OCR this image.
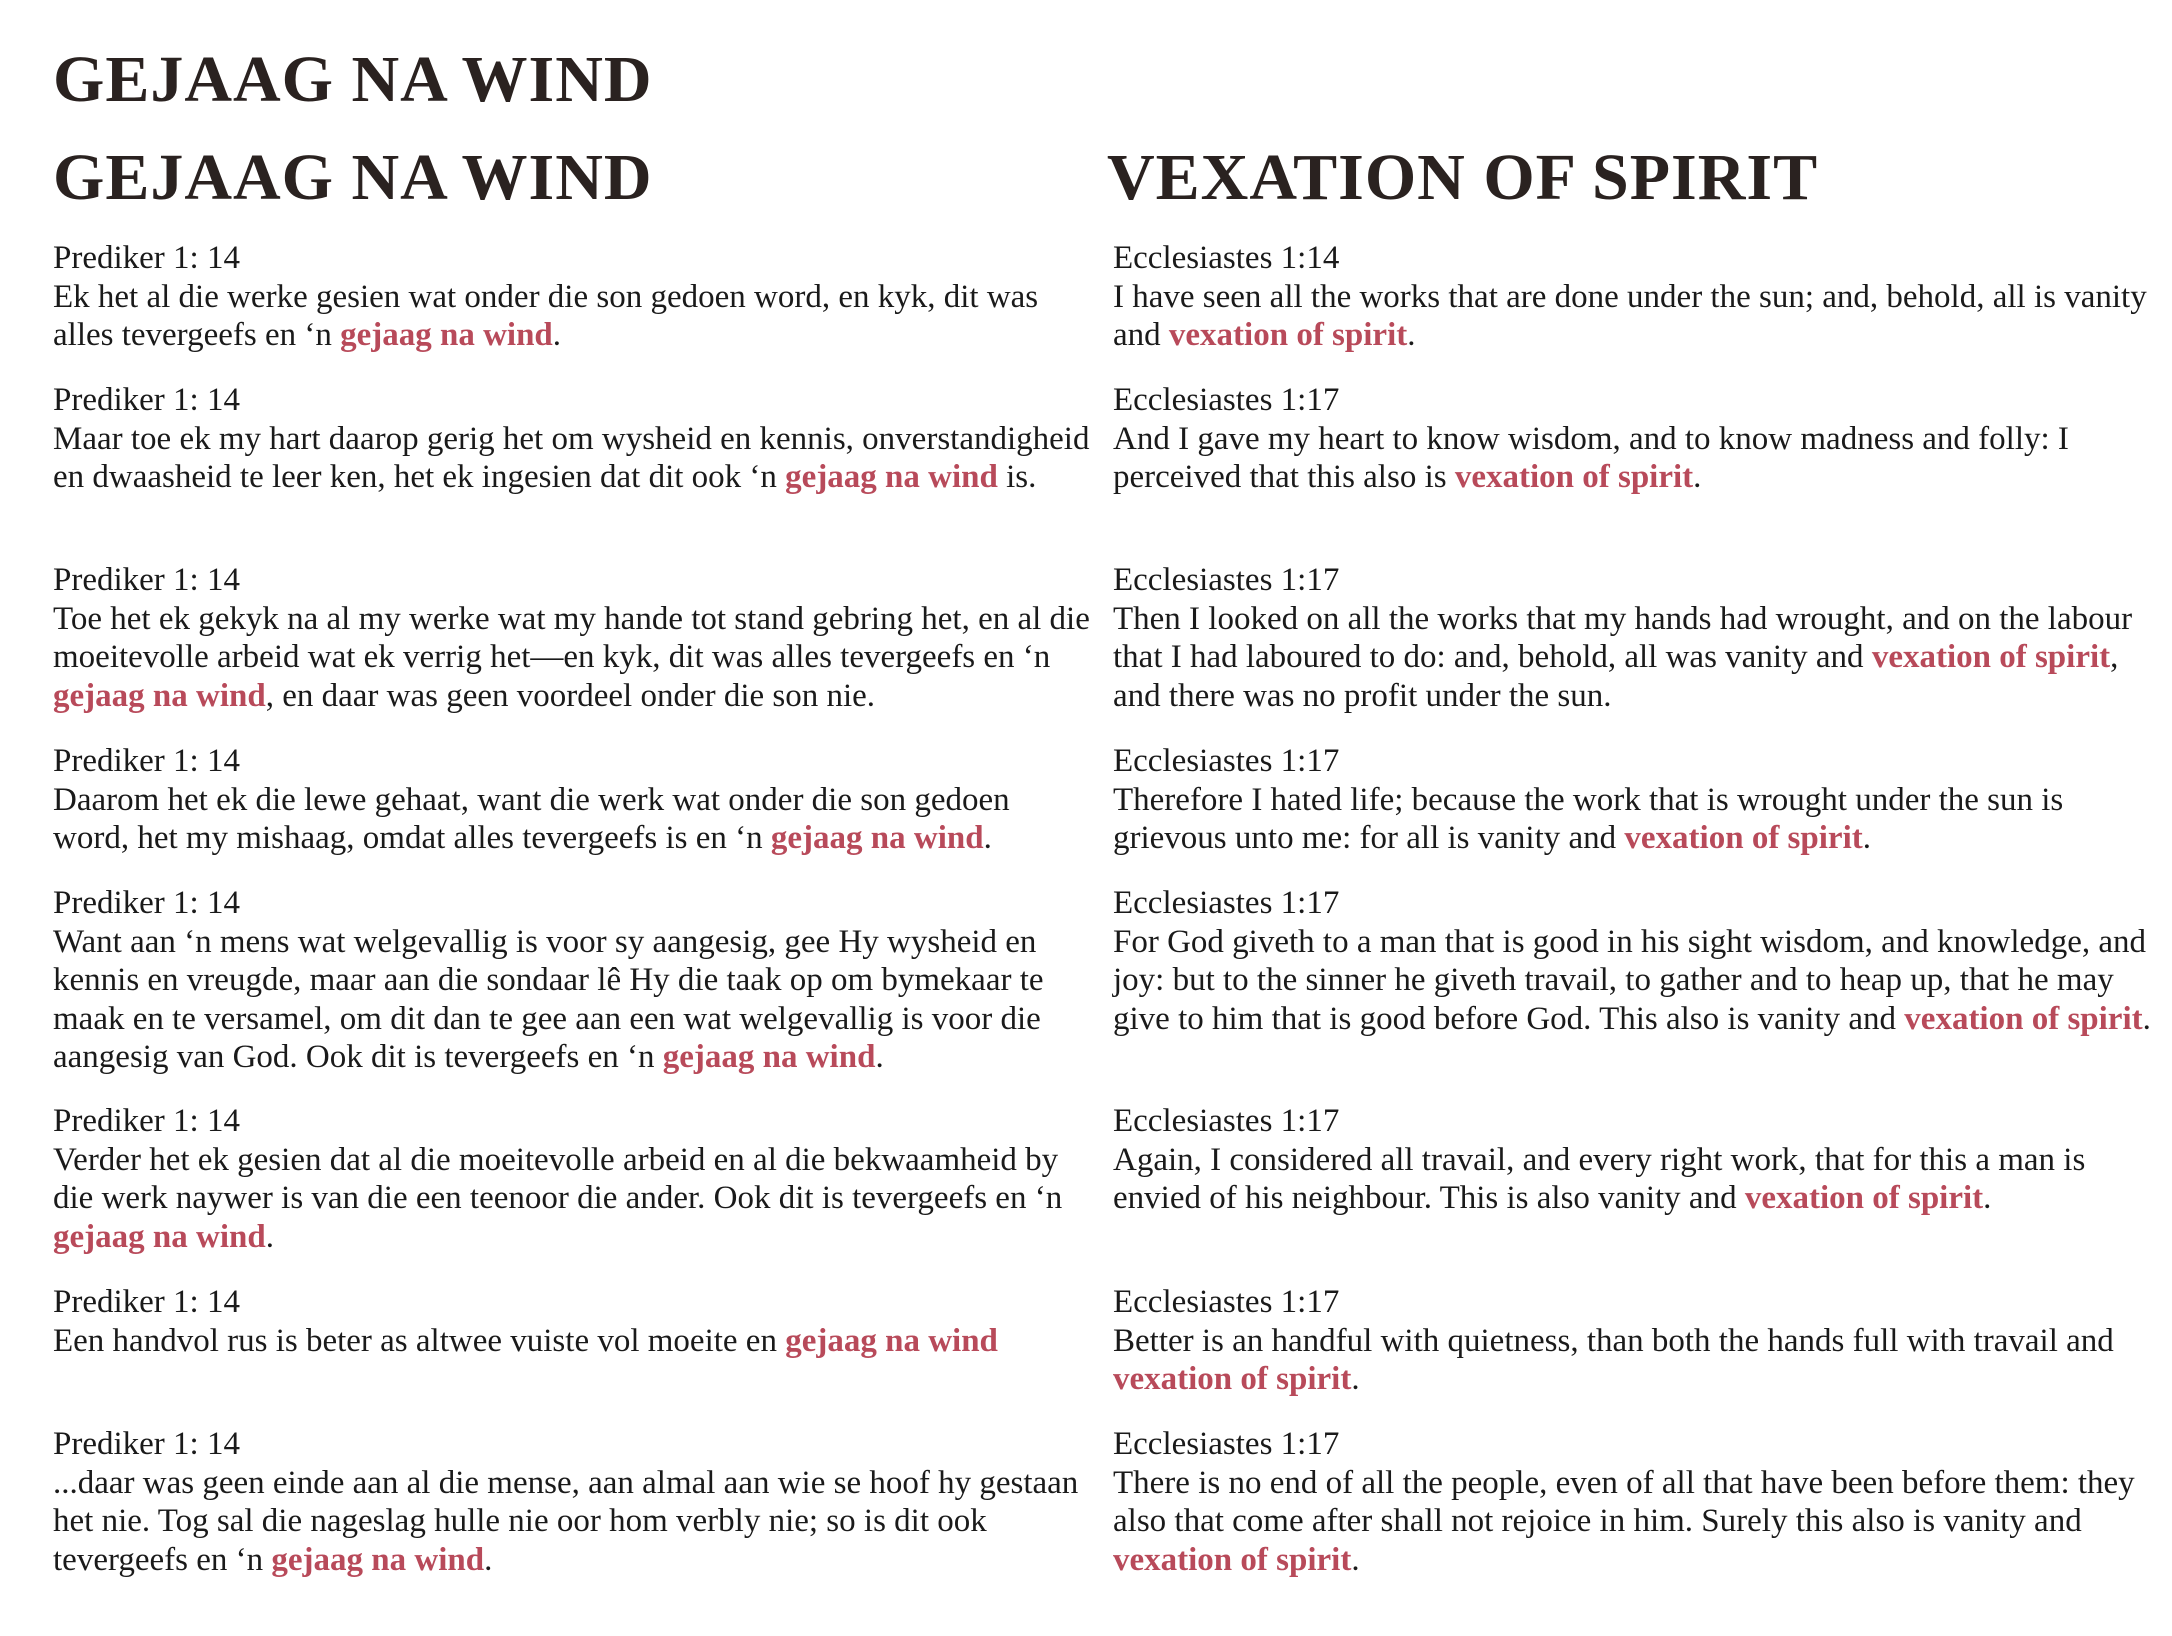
GEJAAG NA WIND
GEJAAG NA WIND	VEXATION OF SPIRIT
Prediker 1: 14
Ek het al die werke gesien wat onder die son gedoen word, en kyk, dit was alles tevergeefs en ‘n gejaag na wind.
Prediker 1: 14
Maar toe ek my hart daarop gerig het om wysheid en kennis, onverstandigheid en dwaasheid te leer ken, het ek ingesien dat dit ook ‘n gejaag na wind is.
Prediker 1: 14
Toe het ek gekyk na al my werke wat my hande tot stand gebring het, en al die moeitevolle arbeid wat ek verrig het—en kyk, dit was alles tevergeefs en ‘n gejaag na wind, en daar was geen voordeel onder die son nie.
Prediker 1: 14
Daarom het ek die lewe gehaat, want die werk wat onder die son gedoen word, het my mishaag, omdat alles tevergeefs is en ‘n gejaag na wind.
Prediker 1: 14
Want aan ‘n mens wat welgevallig is voor sy aangesig, gee Hy wysheid en kennis en vreugde, maar aan die sondaar lê Hy die taak op om bymekaar te maak en te versamel, om dit dan te gee aan een wat welgevallig is voor die aangesig van God. Ook dit is tevergeefs en ‘n gejaag na wind.
Prediker 1: 14
Verder het ek gesien dat al die moeitevolle arbeid en al die bekwaamheid by die werk naywer is van die een teenoor die ander. Ook dit is tevergeefs en ‘n gejaag na wind.
Prediker 1: 14
Een handvol rus is beter as altwee vuiste vol moeite en gejaag na wind
Prediker 1: 14
...daar was geen einde aan al die mense, aan almal aan wie se hoof hy gestaan het nie. Tog sal die nageslag hulle nie oor hom verbly nie; so is dit ook tevergeefs en ‘n gejaag na wind.
Ecclesiastes 1:14
I have seen all the works that are done under the sun; and, behold, all is vanity and vexation of spirit.
Ecclesiastes 1:17
And I gave my heart to know wisdom, and to know madness and folly: I perceived that this also is vexation of spirit.
Ecclesiastes 1:17
Then I looked on all the works that my hands had wrought, and on the labour that I had laboured to do: and, behold, all was vanity and vexation of spirit, and there was no profit under the sun.
Ecclesiastes 1:17
Therefore I hated life; because the work that is wrought under the sun is grievous unto me: for all is vanity and vexation of spirit.
Ecclesiastes 1:17
For God giveth to a man that is good in his sight wisdom, and knowledge, and joy: but to the sinner he giveth travail, to gather and to heap up, that he may give to him that is good before God. This also is vanity and vexation of spirit.
Ecclesiastes 1:17
Again, I considered all travail, and every right work, that for this a man is envied of his neighbour. This is also vanity and vexation of spirit.
Ecclesiastes 1:17
Better is an handful with quietness, than both the hands full with travail and vexation of spirit.
Ecclesiastes 1:17
There is no end of all the people, even of all that have been before them: they also that come after shall not rejoice in him. Surely this also is vanity and vexation of spirit.
